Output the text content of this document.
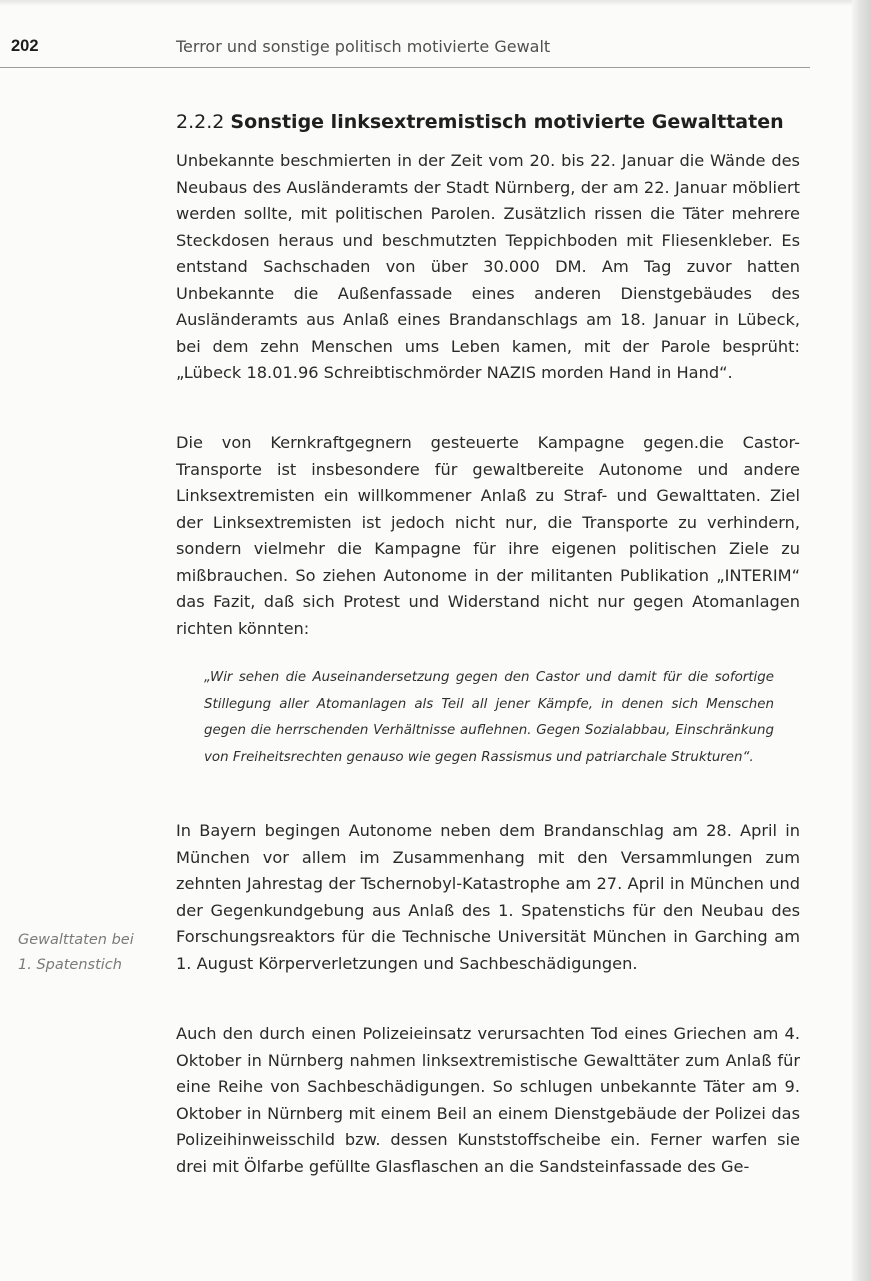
202	Terror und sonstige politisch motivierte Gewalt
2.2.2 Sonstige linksextremistisch motivierte Gewalttaten

Unbekannte beschmierten in der Zeit vom 20. bis 22. Januar die Wände des Neubaus des Ausländeramts der Stadt Nürnberg, der am 22. Januar möbliert werden sollte, mit politischen Parolen. Zusätzlich rissen die Täter mehrere Steckdosen heraus und beschmutzten Teppichboden mit Fliesenkleber. Es entstand Sachschaden von über 30.000 DM. Am Tag zuvor hatten Unbekannte die Außenfassade eines anderen Dienstgebäudes des Ausländeramts aus Anlaß eines Brandanschlags am 18. Januar in Lübeck, bei dem zehn Menschen ums Leben kamen, mit der Parole besprüht: „Lübeck 18.01.96 Schreibtischmörder NAZIS morden Hand in Hand“.

Die von Kernkraftgegnern gesteuerte Kampagne gegen.die Castor-Transporte ist insbesondere für gewaltbereite Autonome und andere Linksextremisten ein willkommener Anlaß zu Straf- und Gewalttaten. Ziel der Linksextremisten ist jedoch nicht nur, die Transporte zu verhindern, sondern vielmehr die Kampagne für ihre eigenen politischen Ziele zu mißbrauchen. So ziehen Autonome in der militanten Publikation „INTERIM“ das Fazit, daß sich Protest und Widerstand nicht nur gegen Atomanlagen richten könnten:

„Wir sehen die Auseinandersetzung gegen den Castor und damit für die sofortige Stillegung aller Atomanlagen als Teil all jener Kämpfe, in denen sich Menschen gegen die herrschenden Verhältnisse auflehnen. Gegen Sozialabbau, Einschränkung von Freiheitsrechten genauso wie gegen Rassismus und patriarchale Strukturen“.

In Bayern begingen Autonome neben dem Brandanschlag am 28. April in München vor allem im Zusammenhang mit den Versammlungen zum zehnten Jahrestag der Tschernobyl-Katastrophe am 27. April in München und der Gegenkundgebung aus Anlaß des 1. Spatenstichs für den Neubau des Forschungsreaktors für die Technische Universität München in Garching am 1. August Körperverletzungen und Sachbeschädigungen.

Auch den durch einen Polizeieinsatz verursachten Tod eines Griechen am 4. Oktober in Nürnberg nahmen linksextremistische Gewalttäter zum Anlaß für eine Reihe von Sachbeschädigungen. So schlugen unbekannte Täter am 9. Oktober in Nürnberg mit einem Beil an einem Dienstgebäude der Polizei das Polizeihinweisschild bzw. dessen Kunststoffscheibe ein. Ferner warfen sie drei mit Ölfarbe gefüllte Glasflaschen an die Sandsteinfassade des Ge-

Gewalttaten bei
1. Spatenstich
